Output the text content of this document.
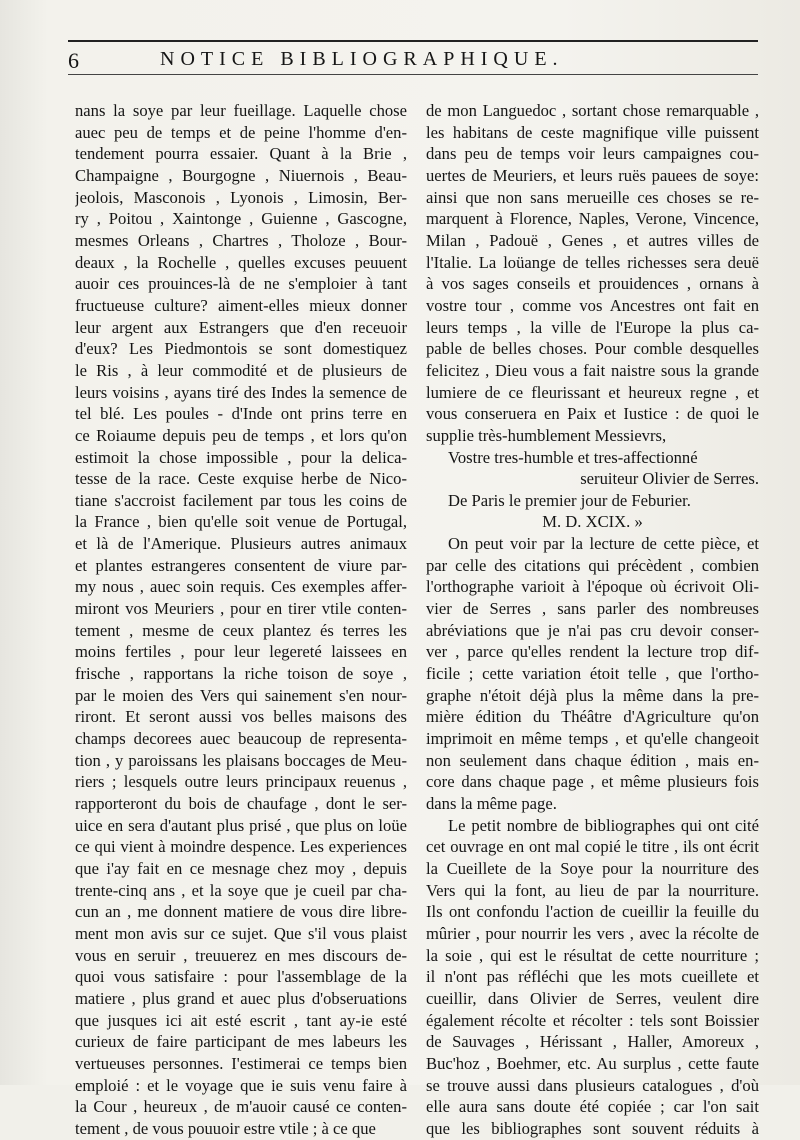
6	NOTICE BIBLIOGRAPHIQUE.
nans la soye par leur fueillage. Laquelle chose
auec peu de temps et de peine l'homme d'en-
tendement pourra essaier. Quant à la Brie ,
Champaigne , Bourgogne , Niuernois , Beau-
jeolois, Masconois , Lyonois , Limosin, Ber-
ry , Poitou , Xaintonge , Guienne , Gascogne,
mesmes Orleans , Chartres , Tholoze , Bour-
deaux , la Rochelle , quelles excuses peuuent
auoir ces prouinces-là de ne s'emploier à tant
fructueuse culture? aiment-elles mieux donner
leur argent aux Estrangers que d'en receuoir
d'eux? Les Piedmontois se sont domestiquez
le Ris , à leur commodité et de plusieurs de
leurs voisins , ayans tiré des Indes la semence de
tel blé. Les poules - d'Inde ont prins terre en
ce Roiaume depuis peu de temps , et lors qu'on
estimoit la chose impossible , pour la delica-
tesse de la race. Ceste exquise herbe de Nico-
tiane s'accroist facilement par tous les coins de
la France , bien qu'elle soit venue de Portugal,
et là de l'Amerique. Plusieurs autres animaux
et plantes estrangeres consentent de viure par-
my nous , auec soin requis. Ces exemples affer-
miront vos Meuriers , pour en tirer vtile conten-
tement , mesme de ceux plantez és terres les
moins fertiles , pour leur legereté laissees en
frische , rapportans la riche toison de soye ,
par le moien des Vers qui sainement s'en nour-
riront. Et seront aussi vos belles maisons des
champs decorees auec beaucoup de representa-
tion , y paroissans les plaisans boccages de Meu-
riers ; lesquels outre leurs principaux reuenus ,
rapporteront du bois de chaufage , dont le ser-
uice en sera d'autant plus prisé , que plus on loüe
ce qui vient à moindre despence. Les experiences
que i'ay fait en ce mesnage chez moy , depuis
trente-cinq ans , et la soye que je cueil par cha-
cun an , me donnent matiere de vous dire libre-
ment mon avis sur ce sujet. Que s'il vous plaist
vous en seruir , treuuerez en mes discours de-
quoi vous satisfaire : pour l'assemblage de la
matiere , plus grand et auec plus d'obseruations
que jusques ici ait esté escrit , tant ay-ie esté
curieux de faire participant de mes labeurs les
vertueuses personnes. I'estimerai ce temps bien
emploié : et le voyage que ie suis venu faire à
la Cour , heureux , de m'auoir causé ce conten-
tement , de vous pouuoir estre vtile ; à ce que
de mon Languedoc , sortant chose remarquable ,
les habitans de ceste magnifique ville puissent
dans peu de temps voir leurs campaignes cou-
uertes de Meuriers, et leurs ruës pauees de soye:
ainsi que non sans merueille ces choses se re-
marquent à Florence, Naples, Verone, Vincence,
Milan , Padouë , Genes , et autres villes de
l'Italie. La loüange de telles richesses sera deuë
à vos sages conseils et prouidences , ornans à
vostre tour , comme vos Ancestres ont fait en
leurs temps , la ville de l'Europe la plus ca-
pable de belles choses. Pour comble desquelles
felicitez , Dieu vous a fait naistre sous la grande
lumiere de ce fleurissant et heureux regne , et
vous conseruera en Paix et Iustice : de quoi le
supplie très-humblement Messievrs,
Vostre tres-humble et tres-affectionné
seruiteur Olivier de Serres.
De Paris le premier jour de Feburier.
M. D. XCIX. »
On peut voir par la lecture de cette pièce, et
par celle des citations qui précèdent , combien
l'orthographe varioit à l'époque où écrivoit Oli-
vier de Serres , sans parler des nombreuses
abréviations que je n'ai pas cru devoir conser-
ver , parce qu'elles rendent la lecture trop dif-
ficile ; cette variation étoit telle , que l'ortho-
graphe n'étoit déjà plus la même dans la pre-
mière édition du Théâtre d'Agriculture qu'on
imprimoit en même temps , et qu'elle changeoit
non seulement dans chaque édition , mais en-
core dans chaque page , et même plusieurs fois
dans la même page.
Le petit nombre de bibliographes qui ont cité
cet ouvrage en ont mal copié le titre , ils ont écrit
la Cueillete de la Soye pour la nourriture des
Vers qui la font, au lieu de par la nourriture.
Ils ont confondu l'action de cueillir la feuille du
mûrier , pour nourrir les vers , avec la récolte de
la soie , qui est le résultat de cette nourriture ;
il n'ont pas réfléchi que les mots cueillete et
cueillir, dans Olivier de Serres, veulent dire
également récolte et récolter : tels sont Boissier
de Sauvages , Hérissant , Haller, Amoreux ,
Buc'hoz , Boehmer, etc. Au surplus , cette faute
se trouve aussi dans plusieurs catalogues , d'où
elle aura sans doute été copiée ; car l'on sait
que les bibliographes sont souvent réduits à
